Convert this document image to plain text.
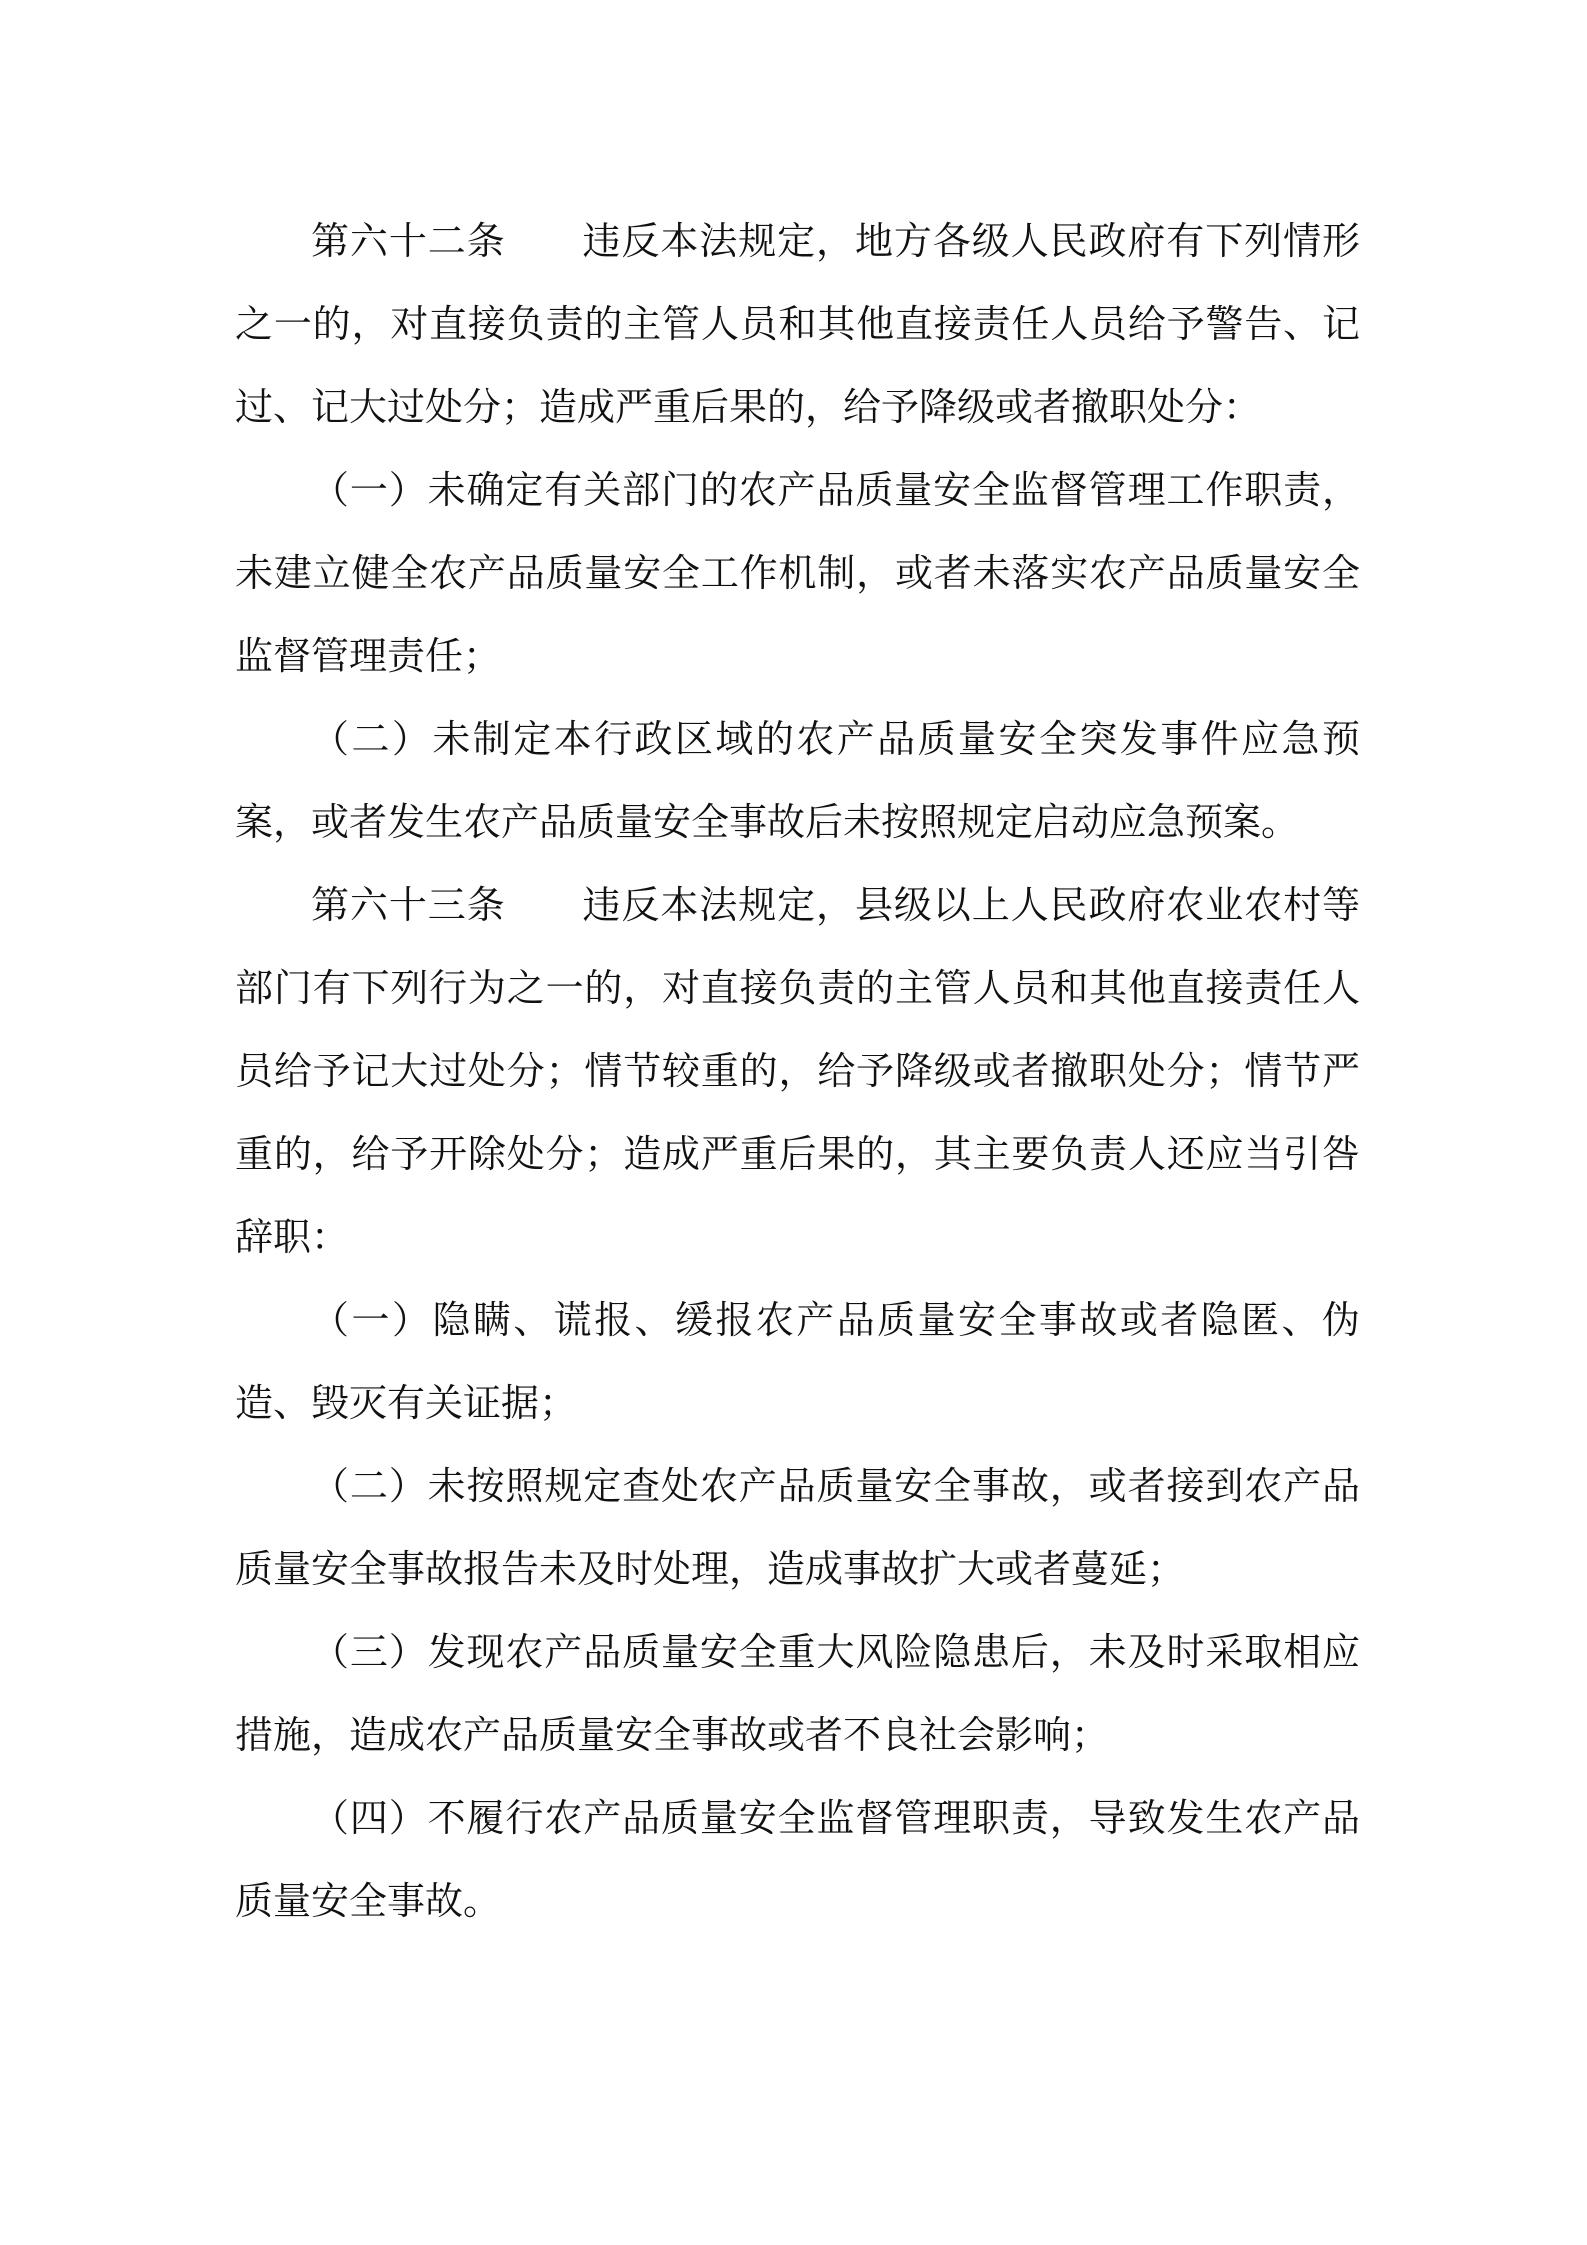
第六十二条 违反本法规定，地方各级人民政府有下列情形之一的，对直接负责的主管人员和其他直接责任人员给予警告、记过、记大过处分；造成严重后果的，给予降级或者撤职处分：

（一）未确定有关部门的农产品质量安全监督管理工作职责，未建立健全农产品质量安全工作机制，或者未落实农产品质量安全监督管理责任；

（二）未制定本行政区域的农产品质量安全突发事件应急预案，或者发生农产品质量安全事故后未按照规定启动应急预案。

第六十三条 违反本法规定，县级以上人民政府农业农村等部门有下列行为之一的，对直接负责的主管人员和其他直接责任人员给予记大过处分；情节较重的，给予降级或者撤职处分；情节严重的，给予开除处分；造成严重后果的，其主要负责人还应当引咎辞职：

（一）隐瞒、谎报、缓报农产品质量安全事故或者隐匿、伪造、毁灭有关证据；

（二）未按照规定查处农产品质量安全事故，或者接到农产品质量安全事故报告未及时处理，造成事故扩大或者蔓延；

（三）发现农产品质量安全重大风险隐患后，未及时采取相应措施，造成农产品质量安全事故或者不良社会影响；

（四）不履行农产品质量安全监督管理职责，导致发生农产品质量安全事故。
